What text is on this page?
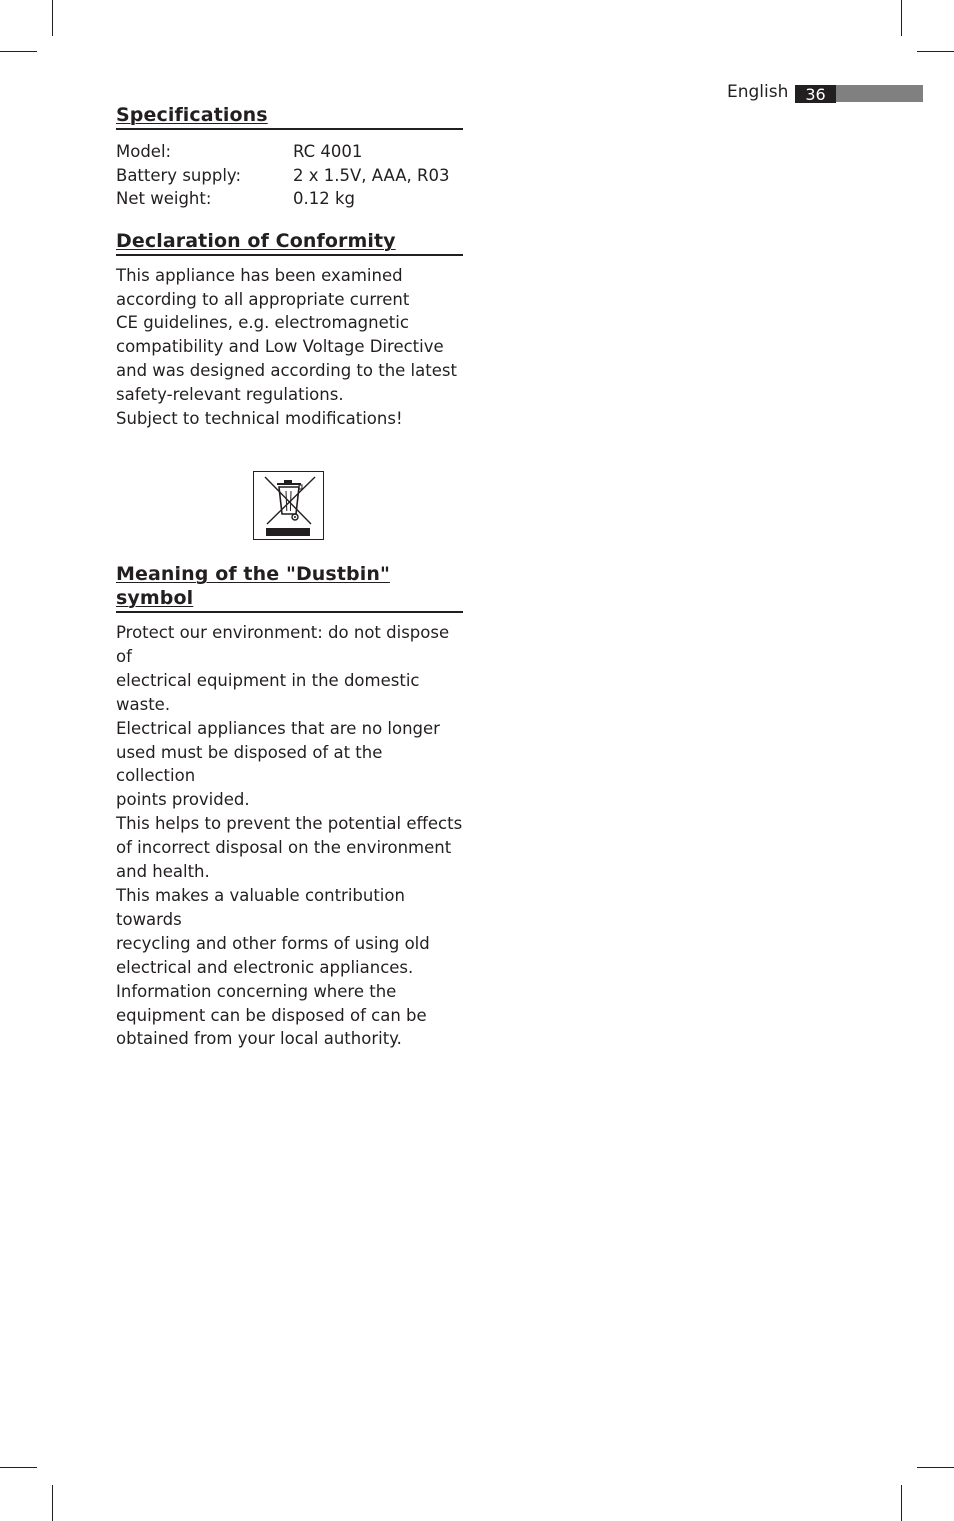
English	36
Specifications
Model:	RC 4001
Battery supply:	2 x 1.5V, AAA, R03
Net weight:	0.12 kg
Declaration of Conformity

This appliance has been examined
according to all appropriate current
CE guidelines, e.g. electromagnetic
compatibility and Low Voltage Directive
and was designed according to the latest
safety-relevant regulations.
Subject to technical modifications!

Meaning of the "Dustbin" symbol

Protect our environment: do not dispose of
electrical equipment in the domestic waste.
Electrical appliances that are no longer
used must be disposed of at the collection
points provided.
This helps to prevent the potential effects
of incorrect disposal on the environment
and health.
This makes a valuable contribution towards
recycling and other forms of using old
electrical and electronic appliances.
Information concerning where the
equipment can be disposed of can be
obtained from your local authority.
